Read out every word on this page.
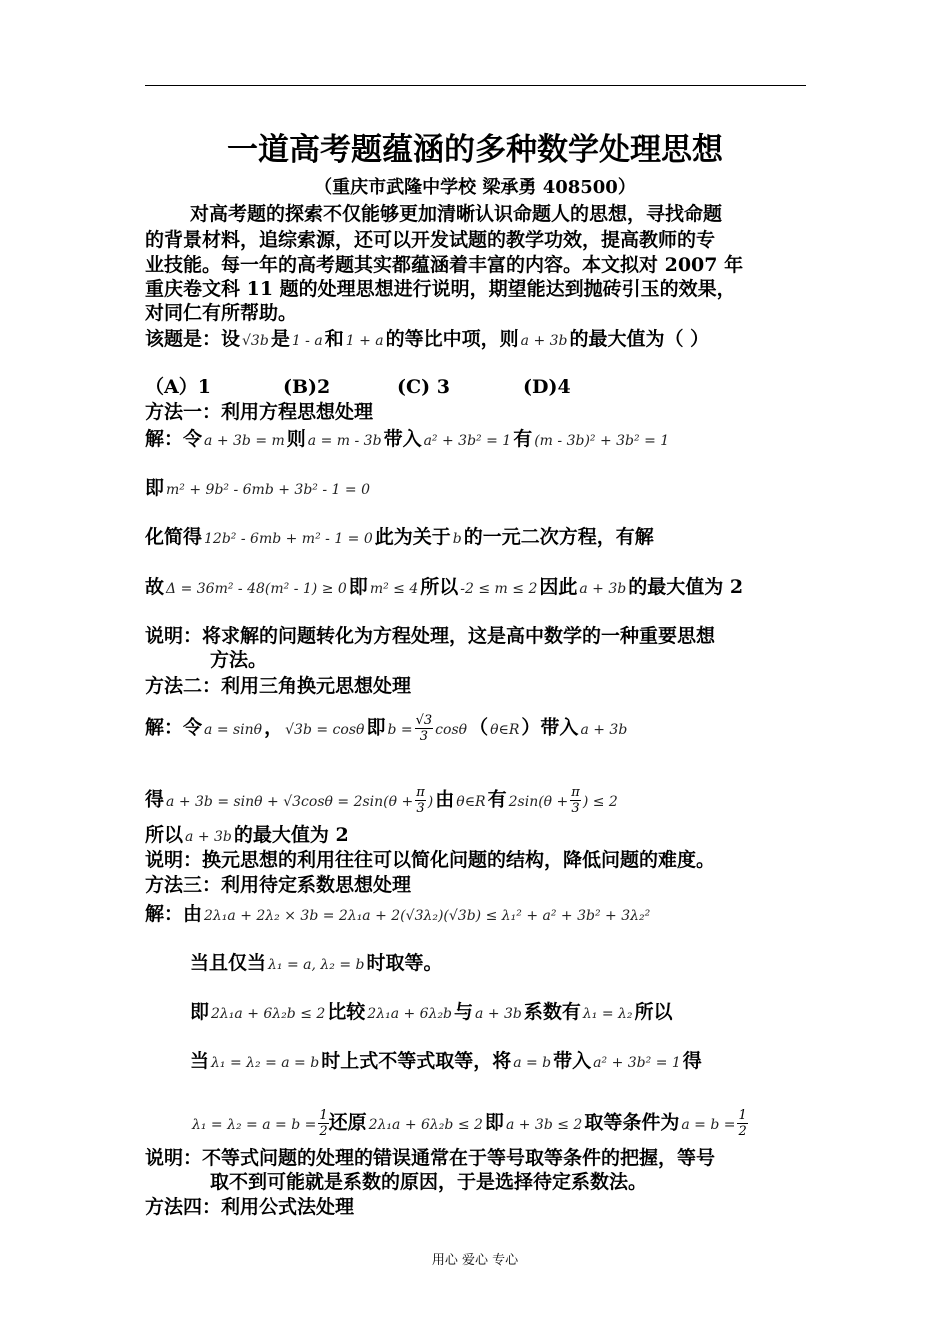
一道高考题蕴涵的多种数学处理思想
（重庆市武隆中学校 梁承勇 408500）
对高考题的探索不仅能够更加清晰认识命题人的思想，寻找命题
的背景材料，追综索源，还可以开发试题的教学功效，提高教师的专
业技能。每一年的高考题其实都蕴涵着丰富的内容。本文拟对 2007 年
重庆卷文科 11 题的处理思想进行说明，期望能达到抛砖引玉的效果，
对同仁有所帮助。
该题是：设 √3b 是 1 - a 和 1 + a 的等比中项，则 a + 3b 的最大值为（ ）
（A）1	(B)2	(C) 3	(D)4
方法一：利用方程思想处理
解：令 a + 3b = m 则 a = m - 3b 带入 a² + 3b² = 1 有 (m - 3b)² + 3b² = 1
即 m² + 9b² - 6mb + 3b² - 1 = 0
化简得 12b² - 6mb + m² - 1 = 0 此为关于 b 的一元二次方程，有解
故 Δ = 36m² - 48(m² - 1) ≥ 0 即 m² ≤ 4 所以 -2 ≤ m ≤ 2 因此 a + 3b 的最大值为 2
说明：将求解的问题转化为方程处理，这是高中数学的一种重要思想
方法。
方法二：利用三角换元思想处理
解：令 a = sinθ ， √3b = cosθ 即 $b = \frac{√3}{3}$ cosθ （ θ∈R ）带入 a + 3b
得 $a + 3b = \sin\theta + √3\cos\theta = 2\sin(\theta + \frac{\pi}{3}$ ) 由 θ∈R 有 $2\sin(\theta + \frac{\pi}{3}$ ) ≤ 2
所以 a + 3b 的最大值为 2
说明：换元思想的利用往往可以简化问题的结构，降低问题的难度。
方法三：利用待定系数思想处理
解：由 2λ₁a + 2λ₂ × 3b = 2λ₁a + 2(√3λ₂)(√3b) ≤ λ₁² + a² + 3b² + 3λ₂²
当且仅当 λ₁ = a, λ₂ = b 时取等。
即 2λ₁a + 6λ₂b ≤ 2 比较 2λ₁a + 6λ₂b 与 a + 3b 系数有 λ₁ = λ₂ 所以
当 λ₁ = λ₂ = a = b 时上式不等式取等，将 a = b 带入 a² + 3b² = 1 得
$\lambda_1 = \lambda_2 = a = b = \frac{1}{2}$ 还原 2λ₁a + 6λ₂b ≤ 2 即 a + 3b ≤ 2 取等条件为 $a = b = \frac{1}{2}$
说明：不等式问题的处理的错误通常在于等号取等条件的把握，等号
取不到可能就是系数的原因，于是选择待定系数法。
方法四：利用公式法处理
用心 爱心 专心
